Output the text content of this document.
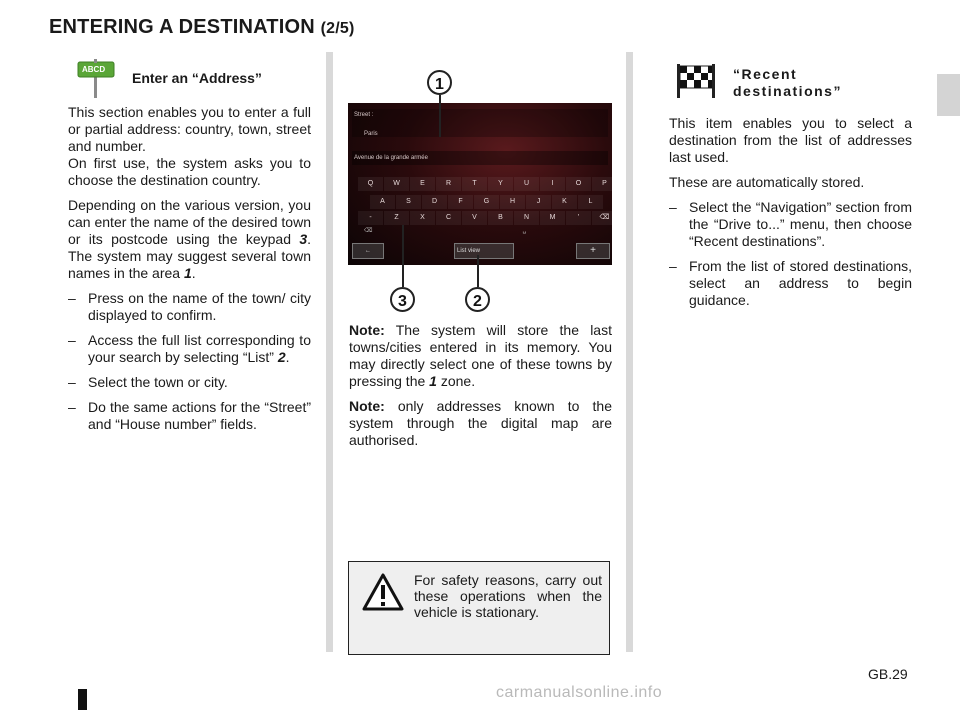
ENTERING A DESTINATION (2/5)
ABCD
Enter an “Address”

This section enables you to enter a full or partial address: country, town, street and number.

On first use, the system asks you to choose the destination country.

Depending on the various version, you can enter the name of the desired town or its postcode using the keypad 3. The system may suggest several town names in the area 1.

– Press on the name of the town/ city displayed to confirm.
– Access the full list corresponding to your search by selecting “List” 2.
– Select the town or city.
– Do the same actions for the “Street” and “House number” fields.
Street :
Paris
Avenue de la grande armée
Q	W	E	R	T	Y	U	I	O	P
A	S	D	F	G	H	J	K	L
-	Z	X	C	V	B	N	M	'	⌫
⌫	␣
←	List view	+
1
3	2

Note: The system will store the last towns/cities entered in its memory. You may directly select one of these towns by pressing the 1 zone.

Note: only addresses known to the system through the digital map are authorised.

For safety reasons, carry out these operations when the vehicle is stationary.
“Recent destinations”

This item enables you to select a destination from the list of addresses last used.

These are automatically stored.

– Select the “Navigation” section from the “Drive to...” menu, then choose “Recent destinations”.
– From the list of stored destinations, select an address to begin guidance.
GB.29
carmanualsonline.info
